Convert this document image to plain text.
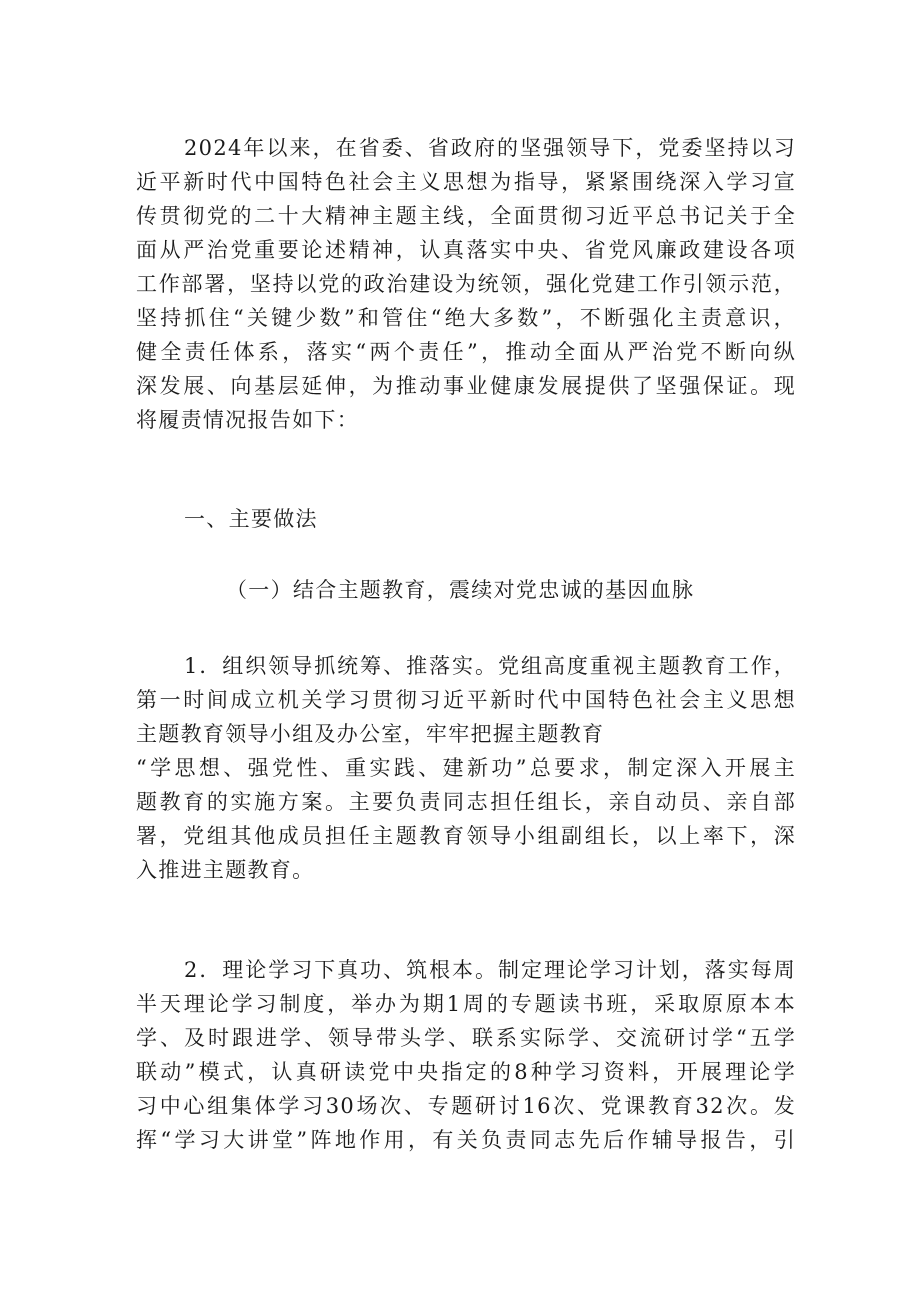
2024年以来，在省委、省政府的坚强领导下，党委坚持以习
近平新时代中国特色社会主义思想为指导，紧紧围绕深入学习宣
传贯彻党的二十大精神主题主线，全面贯彻习近平总书记关于全
面从严治党重要论述精神，认真落实中央、省党风廉政建设各项
工作部署，坚持以党的政治建设为统领，强化党建工作引领示范，
坚持抓住“关键少数”和管住“绝大多数”，不断强化主责意识，
健全责任体系，落实“两个责任”，推动全面从严治党不断向纵
深发展、向基层延伸，为推动事业健康发展提供了坚强保证。现
将履责情况报告如下：
一、主要做法
（一）结合主题教育，震续对党忠诚的基因血脉
1．组织领导抓统筹、推落实。党组高度重视主题教育工作，
第一时间成立机关学习贯彻习近平新时代中国特色社会主义思想
主题教育领导小组及办公室，牢牢把握主题教育
“学思想、强党性、重实践、建新功”总要求，制定深入开展主
题教育的实施方案。主要负责同志担任组长，亲自动员、亲自部
署，党组其他成员担任主题教育领导小组副组长，以上率下，深
入推进主题教育。
2．理论学习下真功、筑根本。制定理论学习计划，落实每周
半天理论学习制度，举办为期1周的专题读书班，采取原原本本
学、及时跟进学、领导带头学、联系实际学、交流研讨学“五学
联动”模式，认真研读党中央指定的8种学习资料，开展理论学
习中心组集体学习30场次、专题研讨16次、党课教育32次。发
挥“学习大讲堂”阵地作用，有关负责同志先后作辅导报告，引
